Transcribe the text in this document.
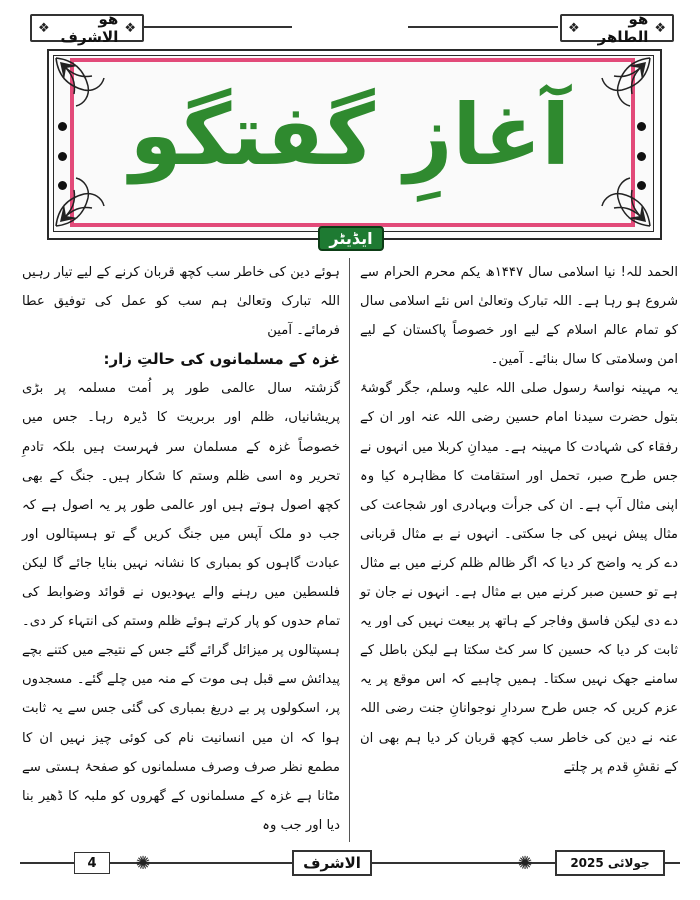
❖
هو الاشرف
❖	❖
هو الطاهر
❖
آغازِ گفتگو
ایڈیٹر

الحمد للہ! نیا اسلامی سال ۱۴۴۷ھ یکم محرم الحرام سے شروع ہو رہا ہے۔ اللہ تبارک وتعالیٰ اس نئے اسلامی سال کو تمام عالم اسلام کے لیے اور خصوصاً پاکستان کے لیے امن وسلامتی کا سال بنائے۔ آمین۔

یہ مہینہ نواسۂ رسول صلی اللہ علیہ وسلم، جگر گوشۂ بتول حضرت سیدنا امام حسین رضی اللہ عنہ اور ان کے رفقاء کی شہادت کا مہینہ ہے۔ میدانِ کربلا میں انہوں نے جس طرح صبر، تحمل اور استقامت کا مظاہرہ کیا وہ اپنی مثال آپ ہے۔ ان کی جرأت وبہادری اور شجاعت کی مثال پیش نہیں کی جا سکتی۔ انہوں نے بے مثال قربانی دے کر یہ واضح کر دیا کہ اگر ظالم ظلم کرنے میں بے مثال ہے تو حسین صبر کرنے میں بے مثال ہے۔ انہوں نے جان تو دے دی لیکن فاسق وفاجر کے ہاتھ پر بیعت نہیں کی اور یہ ثابت کر دیا کہ حسین کا سر کٹ سکتا ہے لیکن باطل کے سامنے جھک نہیں سکتا۔ ہمیں چاہیے کہ اس موقع پر یہ عزم کریں کہ جس طرح سردارِ نوجوانانِ جنت رضی اللہ عنہ نے دین کی خاطر سب کچھ قربان کر دیا ہم بھی ان کے نقشِ قدم پر چلتے

ہوئے دین کی خاطر سب کچھ قربان کرنے کے لیے تیار رہیں اللہ تبارک وتعالیٰ ہم سب کو عمل کی توفیق عطا فرمائے۔ آمین

غزہ کے مسلمانوں کی حالتِ زار:

گزشتہ سال عالمی طور پر اُمت مسلمہ پر بڑی پریشانیاں، ظلم اور بربریت کا ڈیرہ رہا۔ جس میں خصوصاً غزہ کے مسلمان سر فہرست ہیں بلکہ تادمِ تحریر وہ اسی ظلم وستم کا شکار ہیں۔ جنگ کے بھی کچھ اصول ہوتے ہیں اور عالمی طور پر یہ اصول ہے کہ جب دو ملک آپس میں جنگ کریں گے تو ہسپتالوں اور عبادت گاہوں کو بمباری کا نشانہ نہیں بنایا جائے گا لیکن فلسطین میں رہنے والے یہودیوں نے قوائد وضوابط کی تمام حدوں کو پار کرتے ہوئے ظلم وستم کی انتہاء کر دی۔ ہسپتالوں پر میزائل گرائے گئے جس کے نتیجے میں کتنے بچے پیدائش سے قبل ہی موت کے منہ میں چلے گئے۔ مسجدوں پر، اسکولوں پر بے دریغ بمباری کی گئی جس سے یہ ثابت ہوا کہ ان میں انسانیت نام کی کوئی چیز نہیں ان کا مطمع نظر صرف وصرف مسلمانوں کو صفحۂ ہستی سے مٹانا ہے غزہ کے مسلمانوں کے گھروں کو ملبہ کا ڈھیر بنا دیا اور جب وہ

4	✺	الاشرف	✺	جولائی 2025
